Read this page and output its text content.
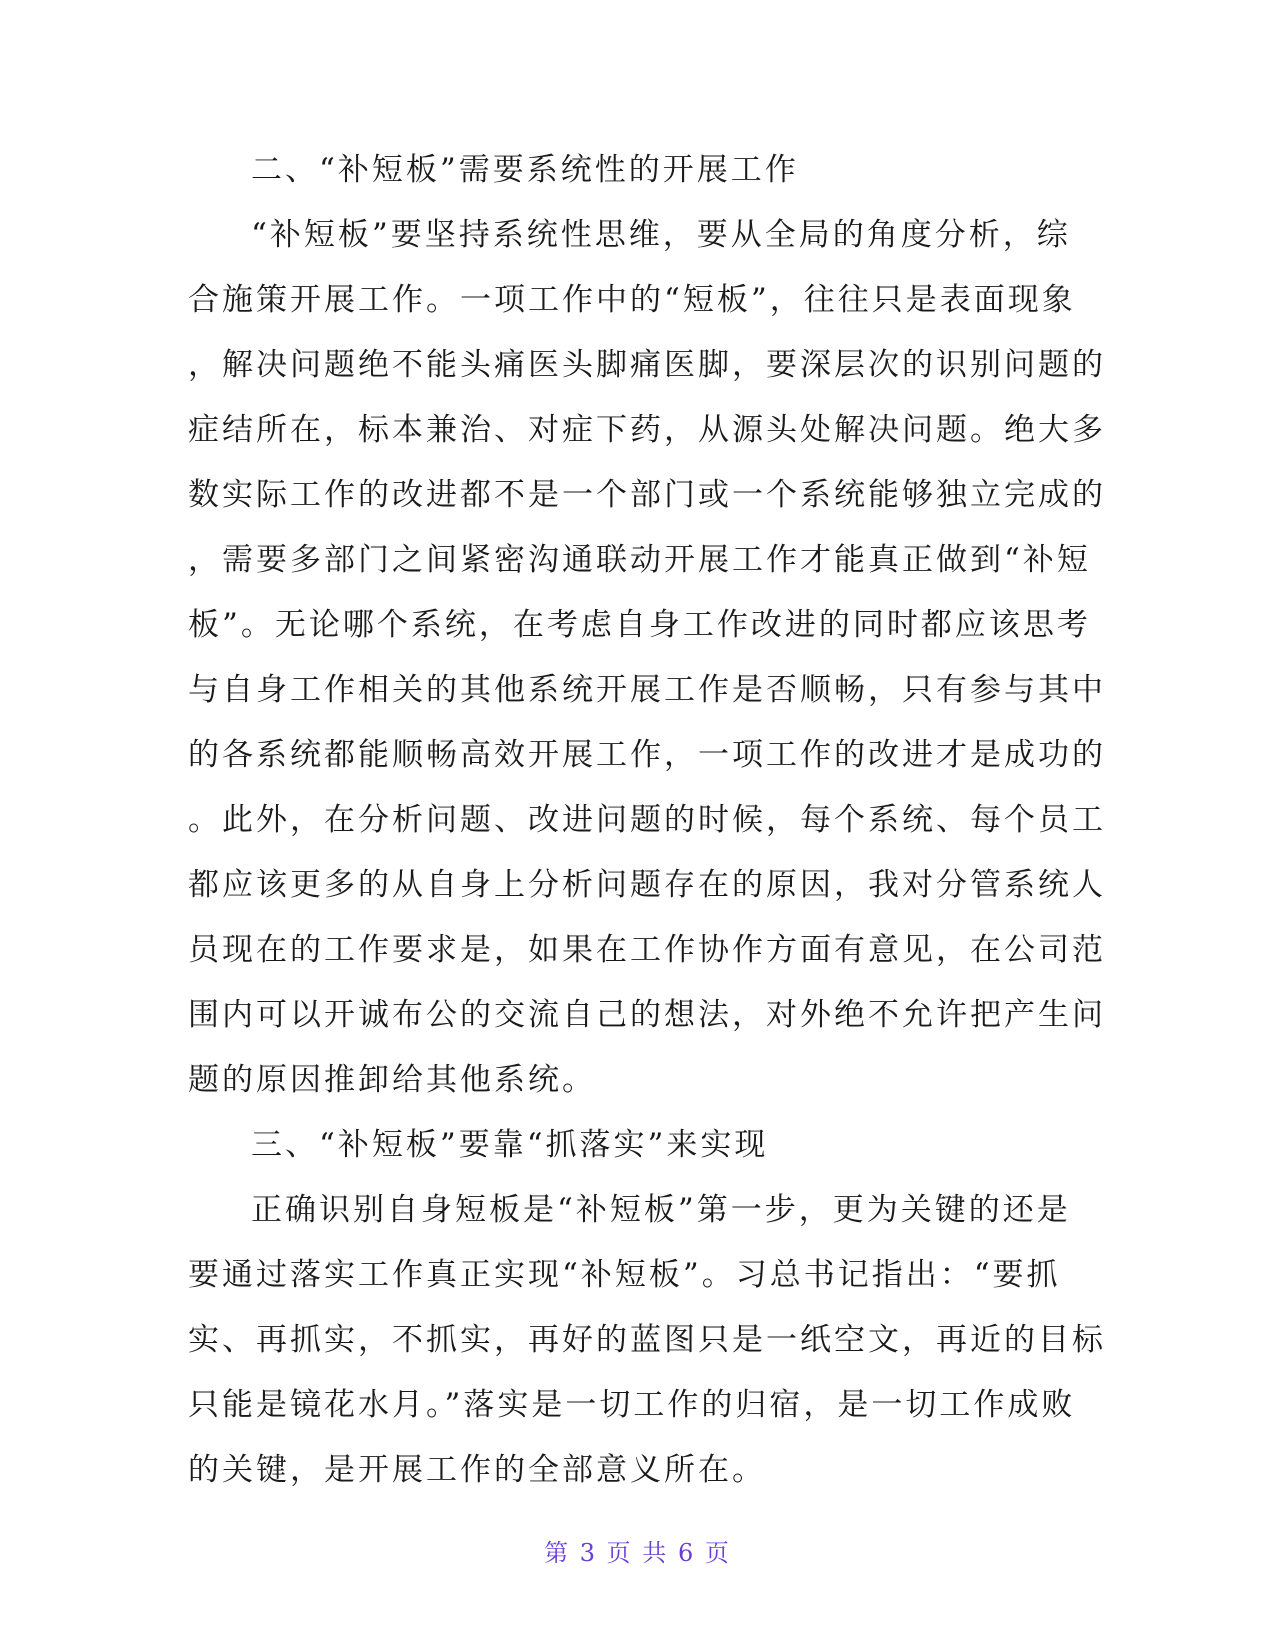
二、“补短板”需要系统性的开展工作
“补短板”要坚持系统性思维，要从全局的角度分析，综
合施策开展工作。一项工作中的“短板”，往往只是表面现象
，解决问题绝不能头痛医头脚痛医脚，要深层次的识别问题的
症结所在，标本兼治、对症下药，从源头处解决问题。绝大多
数实际工作的改进都不是一个部门或一个系统能够独立完成的
，需要多部门之间紧密沟通联动开展工作才能真正做到“补短
板”。无论哪个系统，在考虑自身工作改进的同时都应该思考
与自身工作相关的其他系统开展工作是否顺畅，只有参与其中
的各系统都能顺畅高效开展工作，一项工作的改进才是成功的
。此外，在分析问题、改进问题的时候，每个系统、每个员工
都应该更多的从自身上分析问题存在的原因，我对分管系统人
员现在的工作要求是，如果在工作协作方面有意见，在公司范
围内可以开诚布公的交流自己的想法，对外绝不允许把产生问
题的原因推卸给其他系统。
三、“补短板”要靠“抓落实”来实现
正确识别自身短板是“补短板”第一步，更为关键的还是
要通过落实工作真正实现“补短板”。习总书记指出：“要抓
实、再抓实，不抓实，再好的蓝图只是一纸空文，再近的目标
只能是镜花水月。”落实是一切工作的归宿，是一切工作成败
的关键，是开展工作的全部意义所在。
第 3 页 共 6 页
